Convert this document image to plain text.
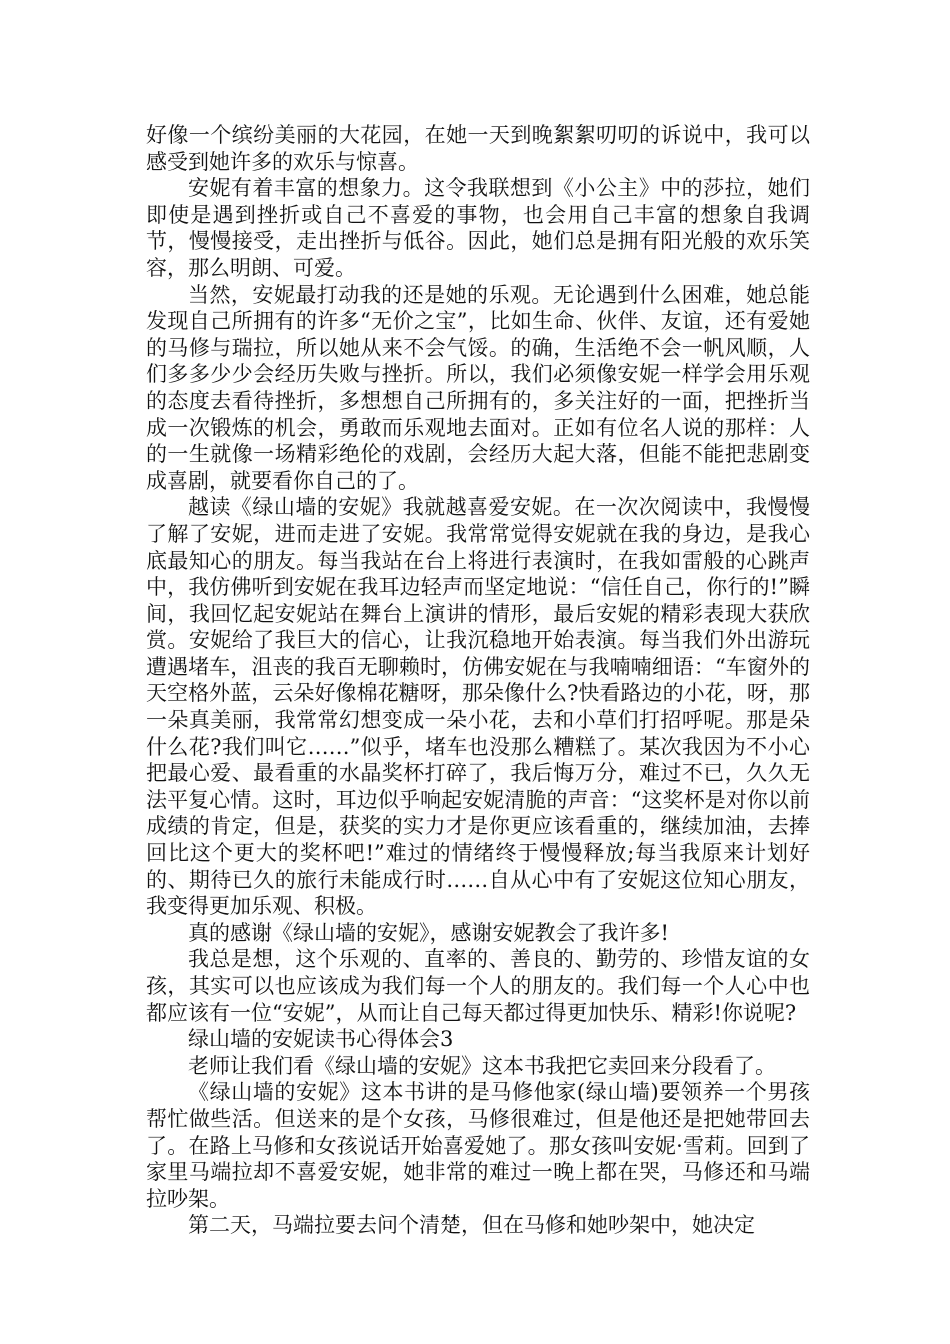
好像一个缤纷美丽的大花园，在她一天到晚絮絮叨叨的诉说中，我可以感受到她许多的欢乐与惊喜。

安妮有着丰富的想象力。这令我联想到《小公主》中的莎拉，她们即使是遇到挫折或自己不喜爱的事物，也会用自己丰富的想象自我调节，慢慢接受，走出挫折与低谷。因此，她们总是拥有阳光般的欢乐笑容，那么明朗、可爱。

当然，安妮最打动我的还是她的乐观。无论遇到什么困难，她总能发现自己所拥有的许多“无价之宝”，比如生命、伙伴、友谊，还有爱她的马修与瑞拉，所以她从来不会气馁。的确，生活绝不会一帆风顺，人们多多少少会经历失败与挫折。所以，我们必须像安妮一样学会用乐观的态度去看待挫折，多想想自己所拥有的，多关注好的一面，把挫折当成一次锻炼的机会，勇敢而乐观地去面对。正如有位名人说的那样：人的一生就像一场精彩绝伦的戏剧，会经历大起大落，但能不能把悲剧变成喜剧，就要看你自己的了。

越读《绿山墙的安妮》我就越喜爱安妮。在一次次阅读中，我慢慢了解了安妮，进而走进了安妮。我常常觉得安妮就在我的身边，是我心底最知心的朋友。每当我站在台上将进行表演时，在我如雷般的心跳声中，我仿佛听到安妮在我耳边轻声而坚定地说：“信任自己，你行的!”瞬间，我回忆起安妮站在舞台上演讲的情形，最后安妮的精彩表现大获欣赏。安妮给了我巨大的信心，让我沉稳地开始表演。每当我们外出游玩遭遇堵车，沮丧的我百无聊赖时，仿佛安妮在与我喃喃细语：“车窗外的天空格外蓝，云朵好像棉花糖呀，那朵像什么?快看路边的小花，呀，那一朵真美丽，我常常幻想变成一朵小花，去和小草们打招呼呢。那是朵什么花?我们叫它……”似乎，堵车也没那么糟糕了。某次我因为不小心把最心爱、最看重的水晶奖杯打碎了，我后悔万分，难过不已，久久无法平复心情。这时，耳边似乎响起安妮清脆的声音：“这奖杯是对你以前成绩的肯定，但是，获奖的实力才是你更应该看重的，继续加油，去捧回比这个更大的奖杯吧!”难过的情绪终于慢慢释放;每当我原来计划好的、期待已久的旅行未能成行时……自从心中有了安妮这位知心朋友，我变得更加乐观、积极。

真的感谢《绿山墙的安妮》，感谢安妮教会了我许多!

我总是想，这个乐观的、直率的、善良的、勤劳的、珍惜友谊的女孩，其实可以也应该成为我们每一个人的朋友的。我们每一个人心中也都应该有一位“安妮”，从而让自己每天都过得更加快乐、精彩!你说呢?

绿山墙的安妮读书心得体会3

老师让我们看《绿山墙的安妮》这本书我把它卖回来分段看了。

《绿山墙的安妮》这本书讲的是马修他家(绿山墙)要领养一个男孩帮忙做些活。但送来的是个女孩，马修很难过，但是他还是把她带回去了。在路上马修和女孩说话开始喜爱她了。那女孩叫安妮·雪莉。回到了家里马端拉却不喜爱安妮，她非常的难过一晚上都在哭，马修还和马端拉吵架。

第二天，马端拉要去问个清楚，但在马修和她吵架中，她决定
